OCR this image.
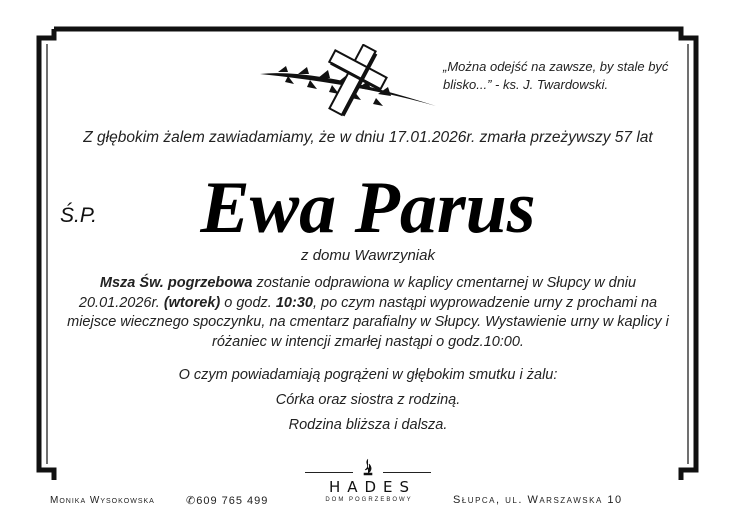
„Można odejść na zawsze, by stale być blisko...” - ks. J. Twardowski.
Z głębokim żalem zawiadamiamy, że w dniu 17.01.2026r. zmarła przeżywszy 57 lat
Ś.P.	Ewa Parus
z domu Wawrzyniak
Msza Św. pogrzebowa zostanie odprawiona w kaplicy cmentarnej w Słupcy w dniu 20.01.2026r. (wtorek) o godz. 10:30, po czym nastąpi wyprowadzenie urny z prochami na miejsce wiecznego spoczynku, na cmentarz parafialny w Słupcy. Wystawienie urny w kaplicy i różaniec w intencji zmarłej nastąpi o godz.10:00.
O czym powiadamiają pogrążeni w głębokim smutku i żalu:
Córka oraz siostra z rodziną.
Rodzina bliższa i dalsza.
Monika Wysokowska	✆609 765 499
HADES
DOM POGRZEBOWY	Słupca, ul. Warszawska 10
